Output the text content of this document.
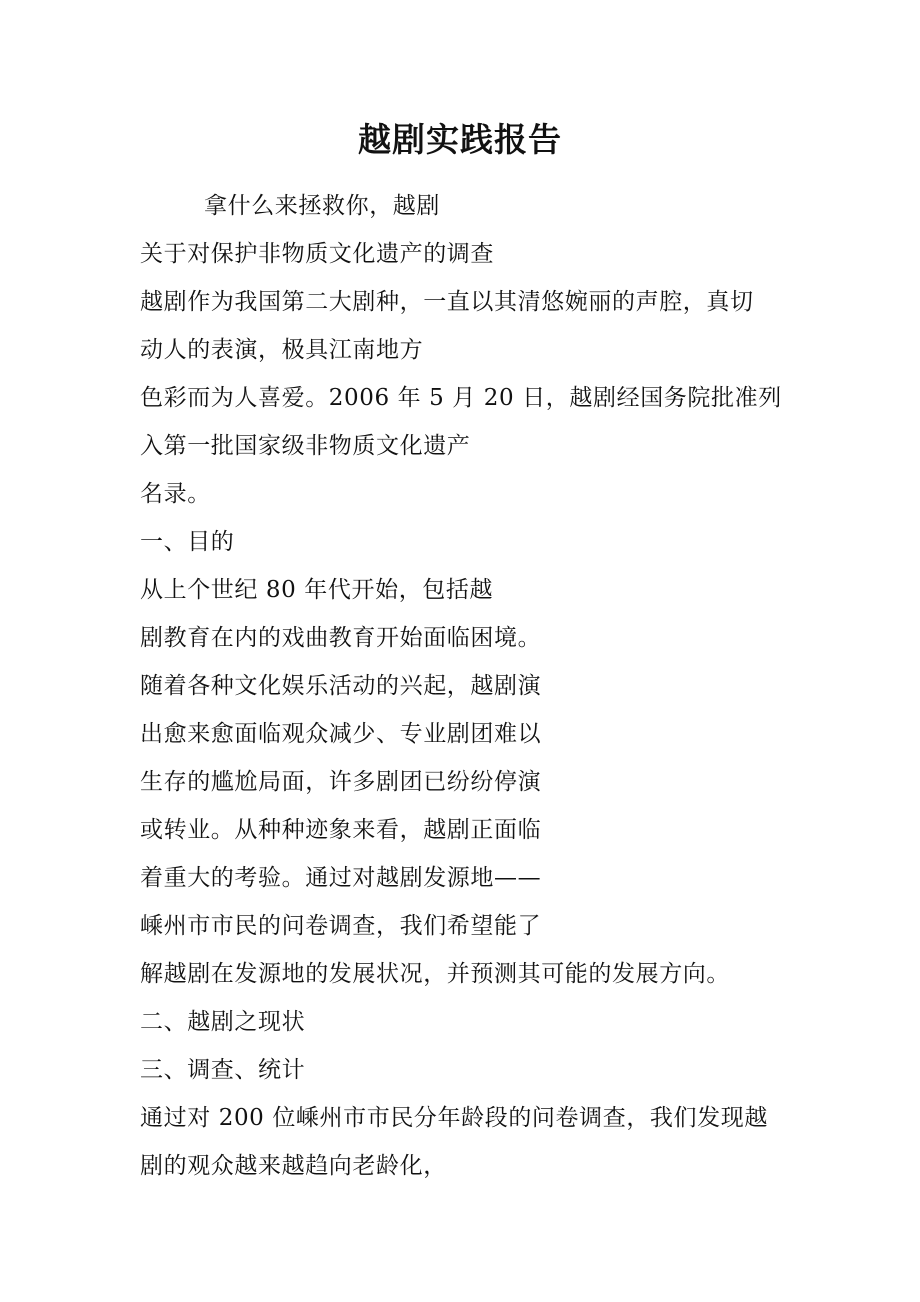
越剧实践报告
拿什么来拯救你，越剧
关于对保护非物质文化遗产的调查
越剧作为我国第二大剧种，一直以其清悠婉丽的声腔，真切
动人的表演，极具江南地方
色彩而为人喜爱。2006 年 5 月 20 日，越剧经国务院批准列
入第一批国家级非物质文化遗产
名录。
一、目的
从上个世纪 80 年代开始，包括越
剧教育在内的戏曲教育开始面临困境。
随着各种文化娱乐活动的兴起，越剧演
出愈来愈面临观众减少、专业剧团难以
生存的尴尬局面，许多剧团已纷纷停演
或转业。从种种迹象来看，越剧正面临
着重大的考验。通过对越剧发源地——
嵊州市市民的问卷调查，我们希望能了
解越剧在发源地的发展状况，并预测其可能的发展方向。
二、越剧之现状
三、调查、统计
通过对 200 位嵊州市市民分年龄段的问卷调查，我们发现越
剧的观众越来越趋向老龄化，
